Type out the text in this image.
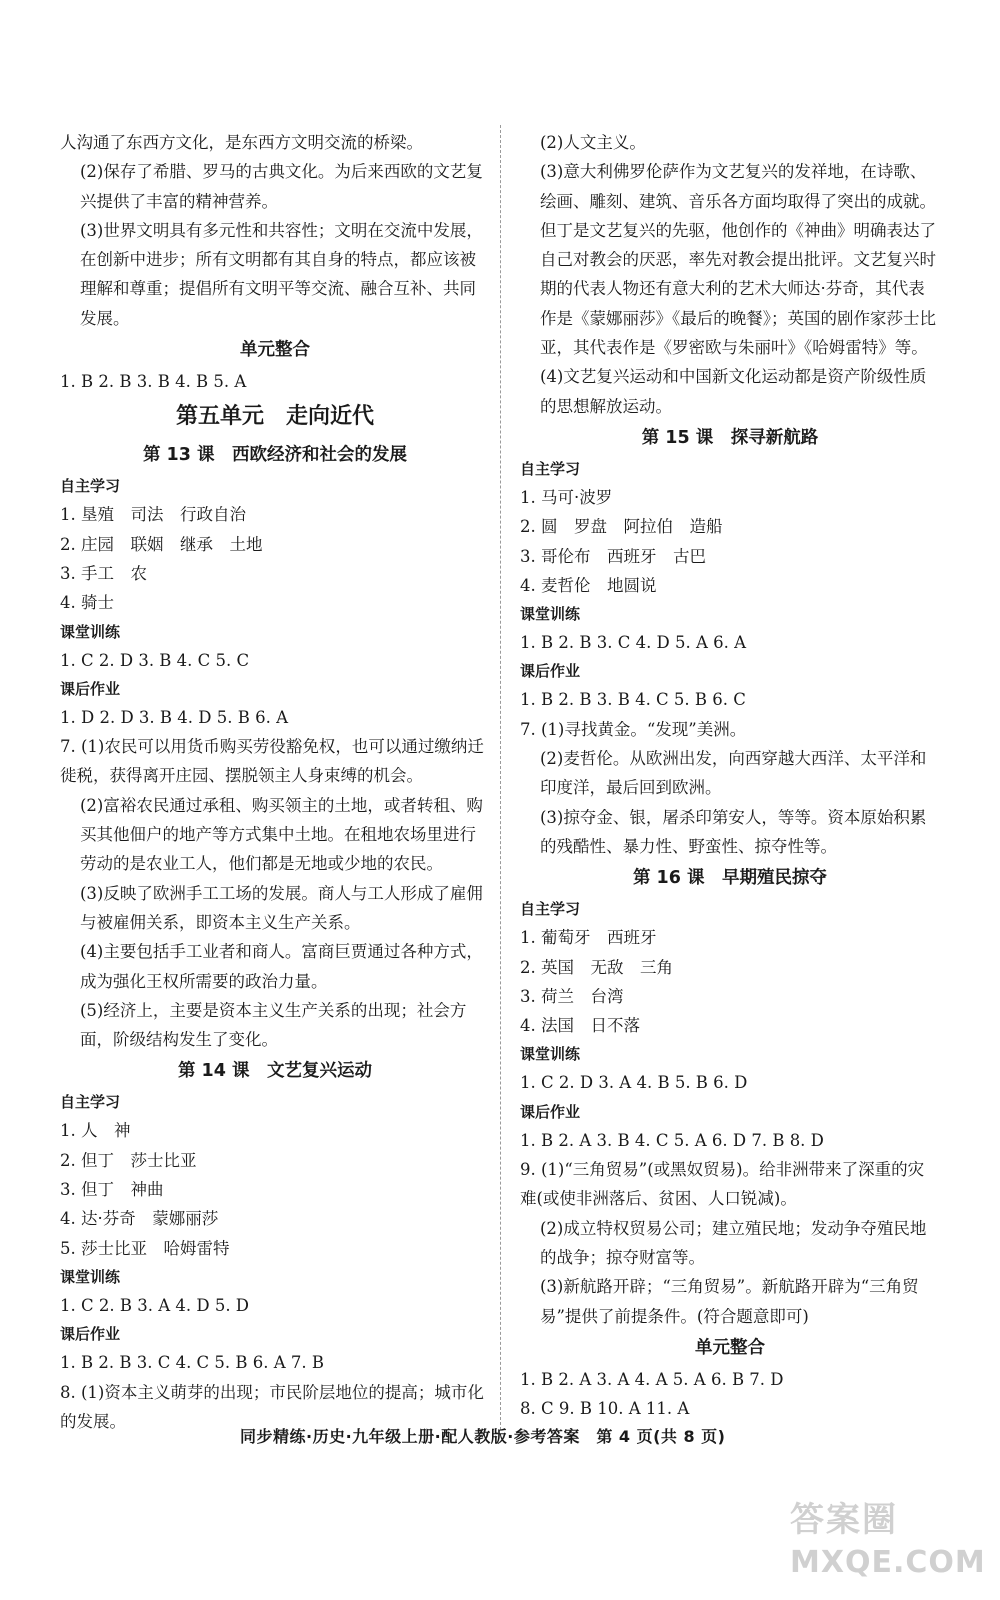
人沟通了东西方文化，是东西方文明交流的桥梁。
(2)保存了希腊、罗马的古典文化。为后来西欧的文艺复兴提供了丰富的精神营养。
(3)世界文明具有多元性和共容性；文明在交流中发展，在创新中进步；所有文明都有其自身的特点，都应该被理解和尊重；提倡所有文明平等交流、融合互补、共同发展。
单元整合
1. B 2. B 3. B 4. B 5. A
第五单元　走向近代
第 13 课　西欧经济和社会的发展
自主学习
1. 垦殖　司法　行政自治
2. 庄园　联姻　继承　土地
3. 手工　农
4. 骑士
课堂训练
1. C 2. D 3. B 4. C 5. C
课后作业
1. D 2. D 3. B 4. D 5. B 6. A
7. (1)农民可以用货币购买劳役豁免权，也可以通过缴纳迁徙税，获得离开庄园、摆脱领主人身束缚的机会。
(2)富裕农民通过承租、购买领主的土地，或者转租、购买其他佃户的地产等方式集中土地。在租地农场里进行劳动的是农业工人，他们都是无地或少地的农民。
(3)反映了欧洲手工工场的发展。商人与工人形成了雇佣与被雇佣关系，即资本主义生产关系。
(4)主要包括手工业者和商人。富商巨贾通过各种方式，成为强化王权所需要的政治力量。
(5)经济上，主要是资本主义生产关系的出现；社会方面，阶级结构发生了变化。
第 14 课　文艺复兴运动
自主学习
1. 人　神
2. 但丁　莎士比亚
3. 但丁　神曲
4. 达·芬奇　蒙娜丽莎
5. 莎士比亚　哈姆雷特
课堂训练
1. C 2. B 3. A 4. D 5. D
课后作业
1. B 2. B 3. C 4. C 5. B 6. A 7. B
8. (1)资本主义萌芽的出现；市民阶层地位的提高；城市化的发展。
(2)人文主义。
(3)意大利佛罗伦萨作为文艺复兴的发祥地，在诗歌、绘画、雕刻、建筑、音乐各方面均取得了突出的成就。但丁是文艺复兴的先驱，他创作的《神曲》明确表达了自己对教会的厌恶，率先对教会提出批评。文艺复兴时期的代表人物还有意大利的艺术大师达·芬奇，其代表作是《蒙娜丽莎》《最后的晚餐》；英国的剧作家莎士比亚，其代表作是《罗密欧与朱丽叶》《哈姆雷特》等。
(4)文艺复兴运动和中国新文化运动都是资产阶级性质的思想解放运动。
第 15 课　探寻新航路
自主学习
1. 马可·波罗
2. 圆　罗盘　阿拉伯　造船
3. 哥伦布　西班牙　古巴
4. 麦哲伦　地圆说
课堂训练
1. B 2. B 3. C 4. D 5. A 6. A
课后作业
1. B 2. B 3. B 4. C 5. B 6. C
7. (1)寻找黄金。“发现”美洲。
(2)麦哲伦。从欧洲出发，向西穿越大西洋、太平洋和印度洋，最后回到欧洲。
(3)掠夺金、银，屠杀印第安人，等等。资本原始积累的残酷性、暴力性、野蛮性、掠夺性等。
第 16 课　早期殖民掠夺
自主学习
1. 葡萄牙　西班牙
2. 英国　无敌　三角
3. 荷兰　台湾
4. 法国　日不落
课堂训练
1. C 2. D 3. A 4. B 5. B 6. D
课后作业
1. B 2. A 3. B 4. C 5. A 6. D 7. B 8. D
9. (1)“三角贸易”(或黑奴贸易)。给非洲带来了深重的灾难(或使非洲落后、贫困、人口锐减)。
(2)成立特权贸易公司；建立殖民地；发动争夺殖民地的战争；掠夺财富等。
(3)新航路开辟；“三角贸易”。新航路开辟为“三角贸易”提供了前提条件。(符合题意即可)
单元整合
1. B 2. A 3. A 4. A 5. A 6. B 7. D
8. C 9. B 10. A 11. A
同步精练·历史·九年级上册·配人教版·参考答案　第 4 页(共 8 页)
答案圈
MXQE.COM
